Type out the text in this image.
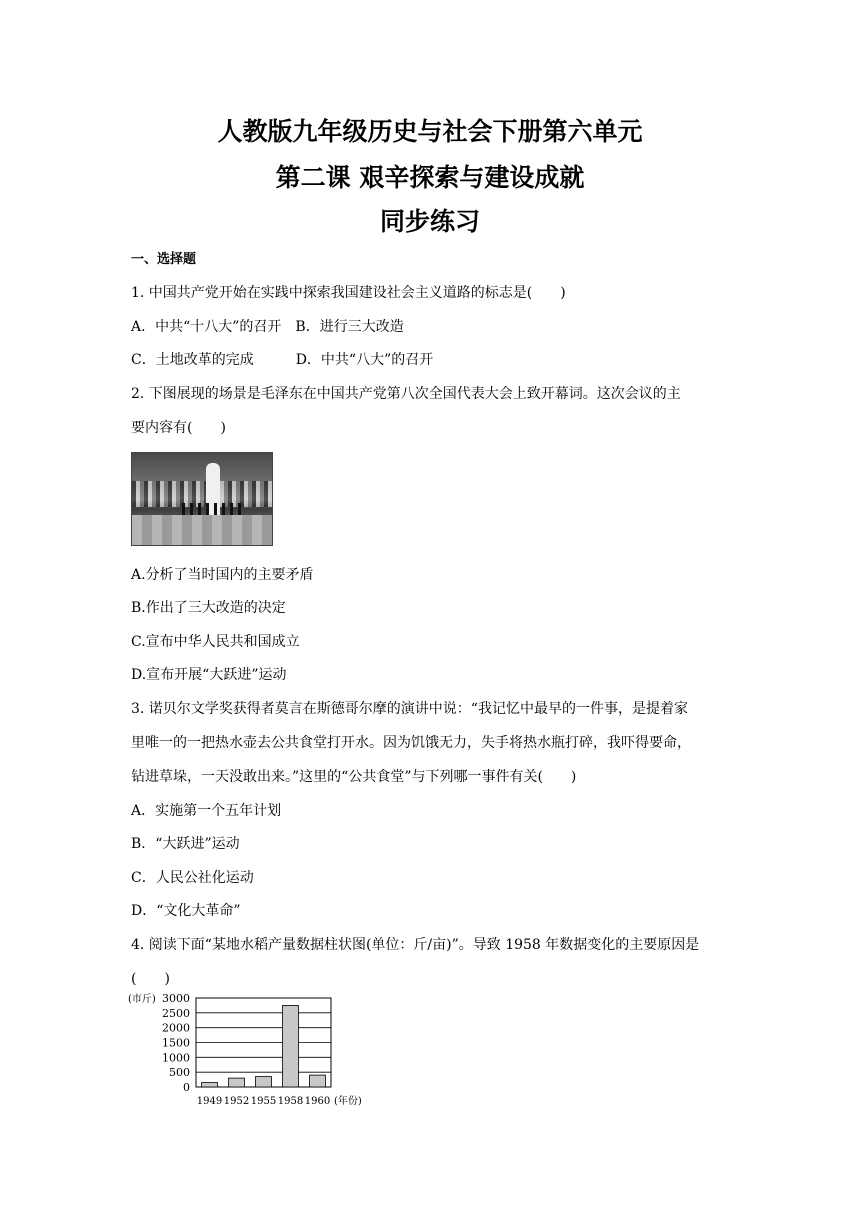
人教版九年级历史与社会下册第六单元
第二课 艰辛探索与建设成就
同步练习
一、选择题
1. 中国共产党开始在实践中探索我国建设社会主义道路的标志是(　　)
A．中共“十八大”的召开　B．进行三大改造
C．土地改革的完成　　　D．中共“八大”的召开
2. 下图展现的场景是毛泽东在中国共产党第八次全国代表大会上致开幕词。这次会议的主
要内容有(　　)
A.分析了当时国内的主要矛盾
B.作出了三大改造的决定
C.宣布中华人民共和国成立
D.宣布开展“大跃进”运动
3. 诺贝尔文学奖获得者莫言在斯德哥尔摩的演讲中说：“我记忆中最早的一件事，是提着家
里唯一的一把热水壶去公共食堂打开水。因为饥饿无力，失手将热水瓶打碎，我吓得要命，
钻进草垛，一天没敢出来。”这里的“公共食堂”与下列哪一事件有关(　　)
A．实施第一个五年计划
B．“大跃进”运动
C．人民公社化运动
D．“文化大革命”
4. 阅读下面“某地水稻产量数据柱状图(单位：斤/亩)”。导致 1958 年数据变化的主要原因是
(　　)
3000
2500
2000
1500
1000
500
0
1949 1952 1955 1958 1960
(市斤)
(年份)
